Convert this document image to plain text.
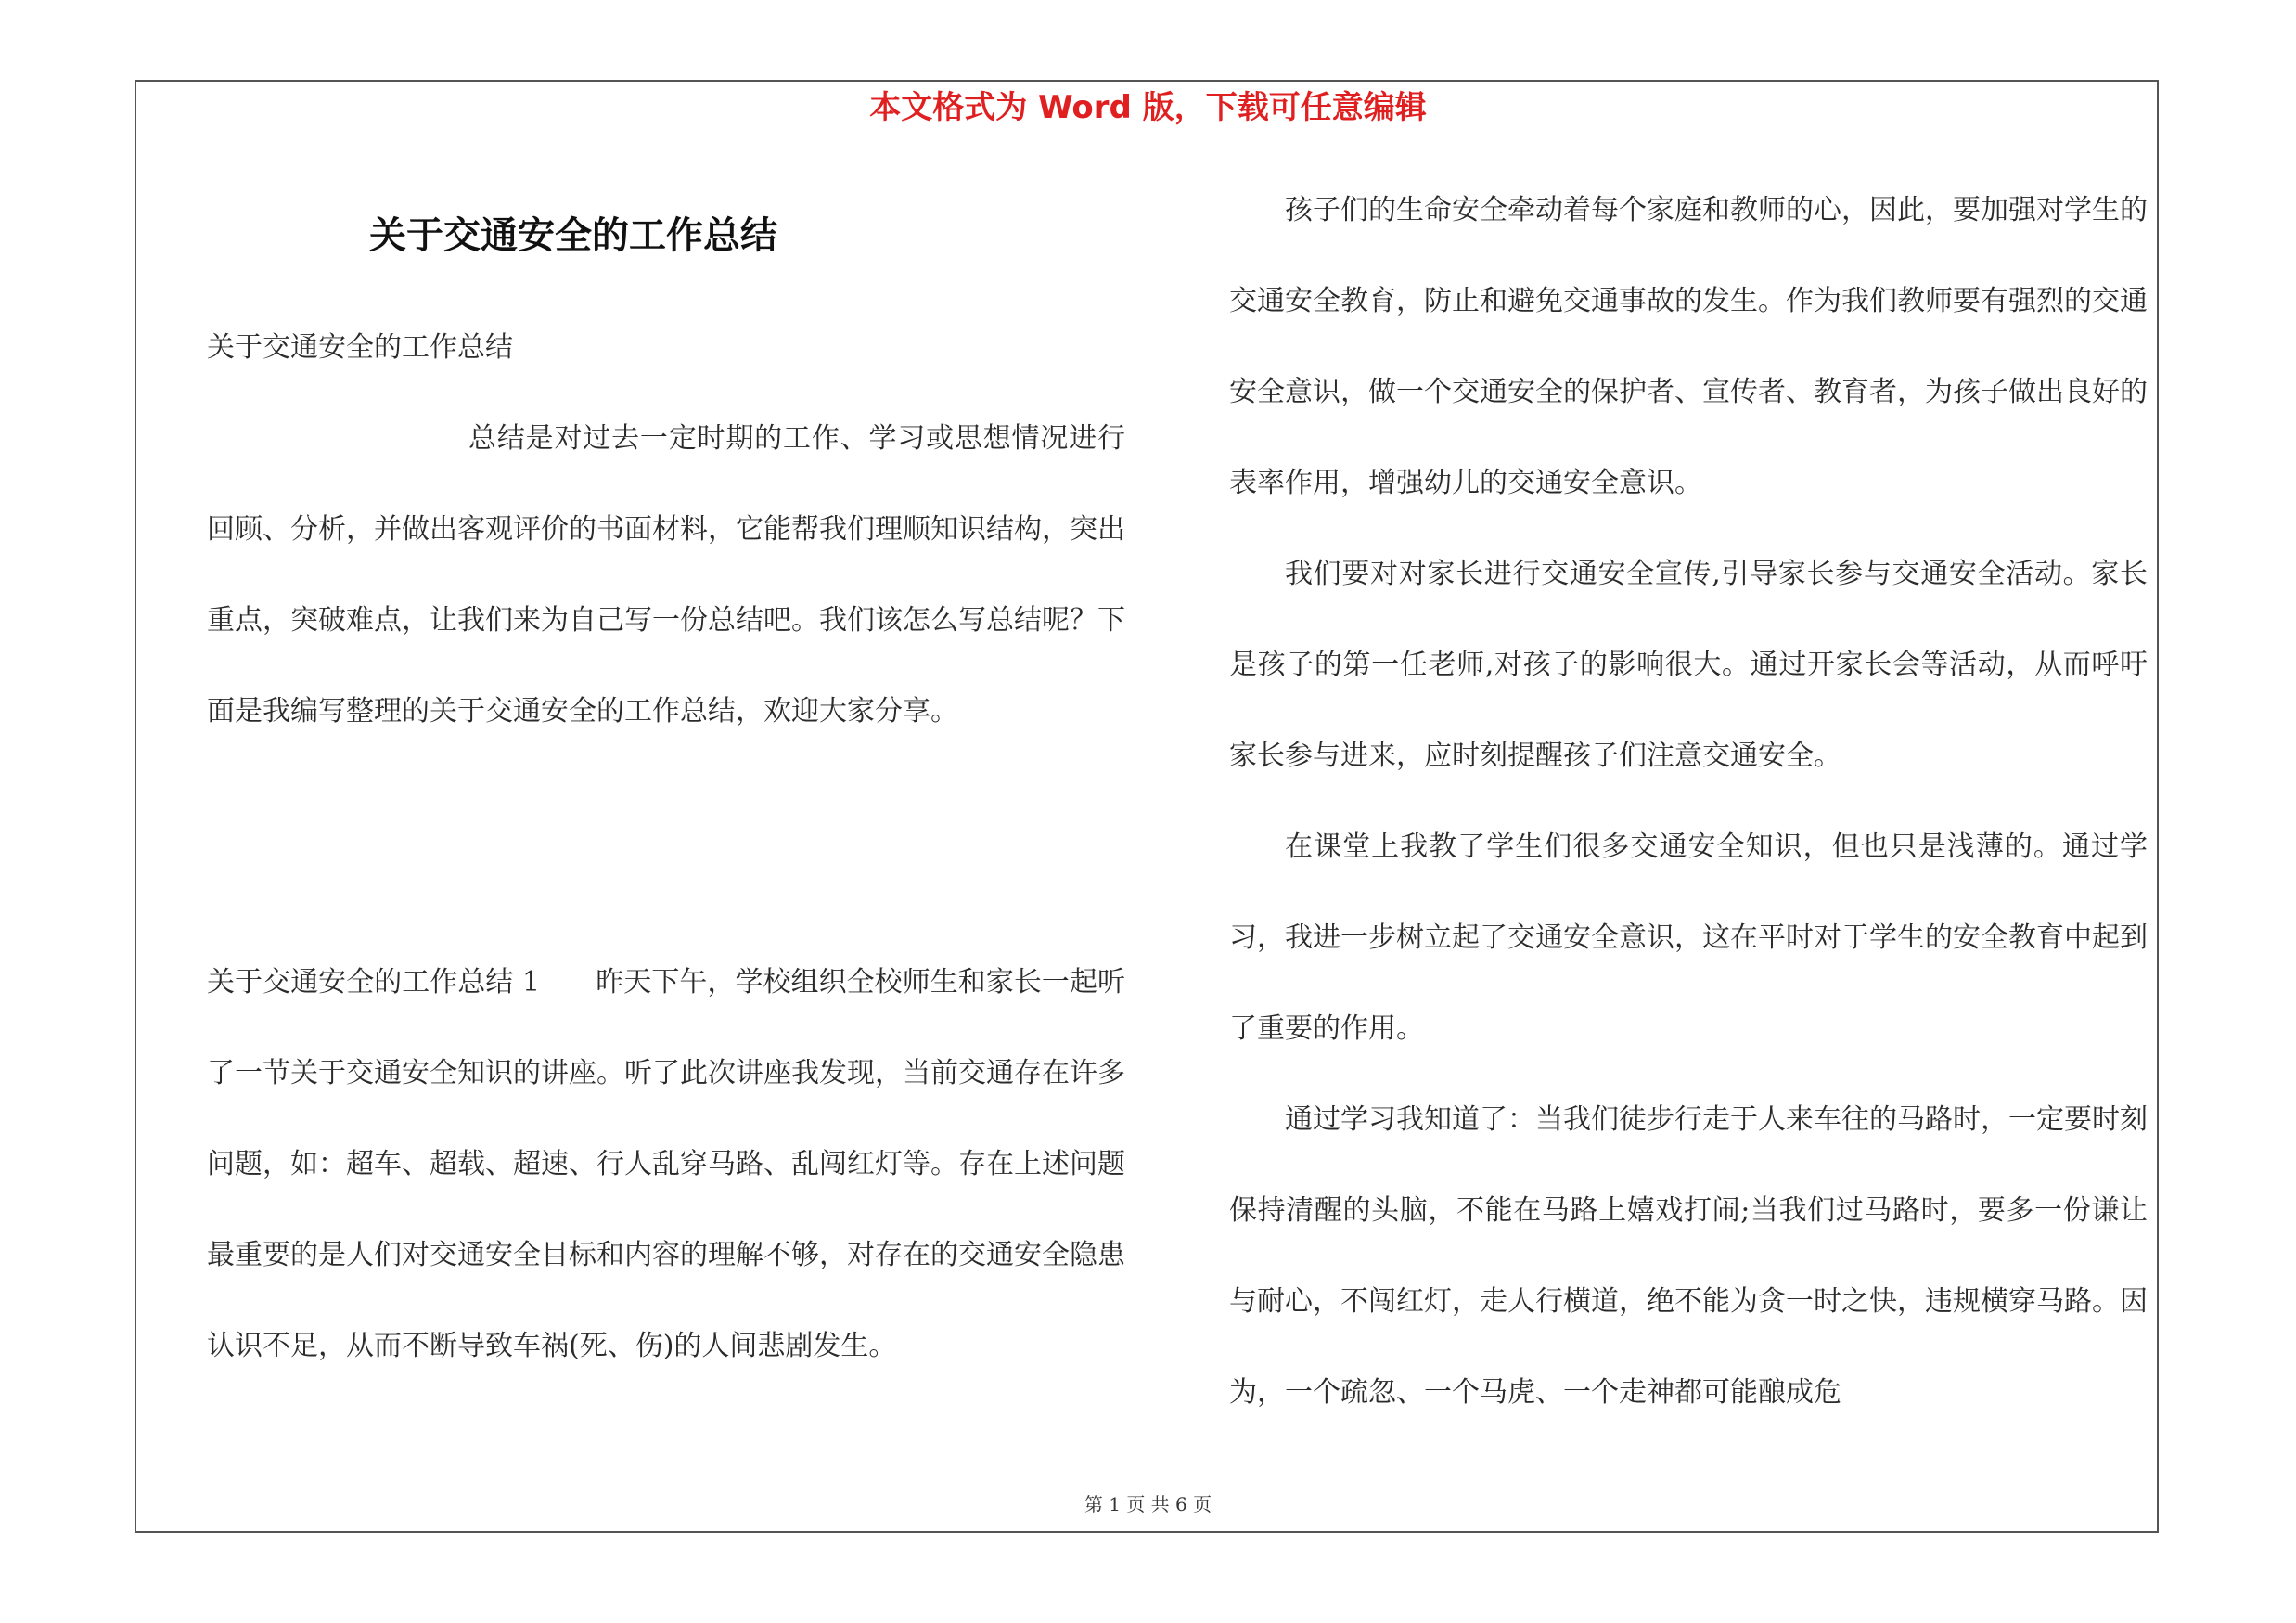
本文格式为 Word 版，下载可任意编辑
关于交通安全的工作总结

关于交通安全的工作总结

总结是对过去一定时期的工作、学习或思想情况进行回顾、分析，并做出客观评价的书面材料，它能帮我们理顺知识结构，突出重点，突破难点，让我们来为自己写一份总结吧。我们该怎么写总结呢？下面是我编写整理的关于交通安全的工作总结，欢迎大家分享。

关于交通安全的工作总结 1　　昨天下午，学校组织全校师生和家长一起听了一节关于交通安全知识的讲座。听了此次讲座我发现，当前交通存在许多问题，如：超车、超载、超速、行人乱穿马路、乱闯红灯等。存在上述问题最重要的是人们对交通安全目标和内容的理解不够，对存在的交通安全隐患认识不足，从而不断导致车祸(死、伤)的人间悲剧发生。

孩子们的生命安全牵动着每个家庭和教师的心，因此，要加强对学生的交通安全教育，防止和避免交通事故的发生。作为我们教师要有强烈的交通安全意识，做一个交通安全的保护者、宣传者、教育者，为孩子做出良好的表率作用，增强幼儿的交通安全意识。

我们要对对家长进行交通安全宣传,引导家长参与交通安全活动。家长是孩子的第一任老师,对孩子的影响很大。通过开家长会等活动，从而呼吁家长参与进来，应时刻提醒孩子们注意交通安全。

在课堂上我教了学生们很多交通安全知识，但也只是浅薄的。通过学习，我进一步树立起了交通安全意识，这在平时对于学生的安全教育中起到了重要的作用。

通过学习我知道了：当我们徒步行走于人来车往的马路时，一定要时刻保持清醒的头脑，不能在马路上嬉戏打闹;当我们过马路时，要多一份谦让与耐心，不闯红灯，走人行横道，绝不能为贪一时之快，违规横穿马路。因为，一个疏忽、一个马虎、一个走神都可能酿成危

第 1 页 共 6 页
